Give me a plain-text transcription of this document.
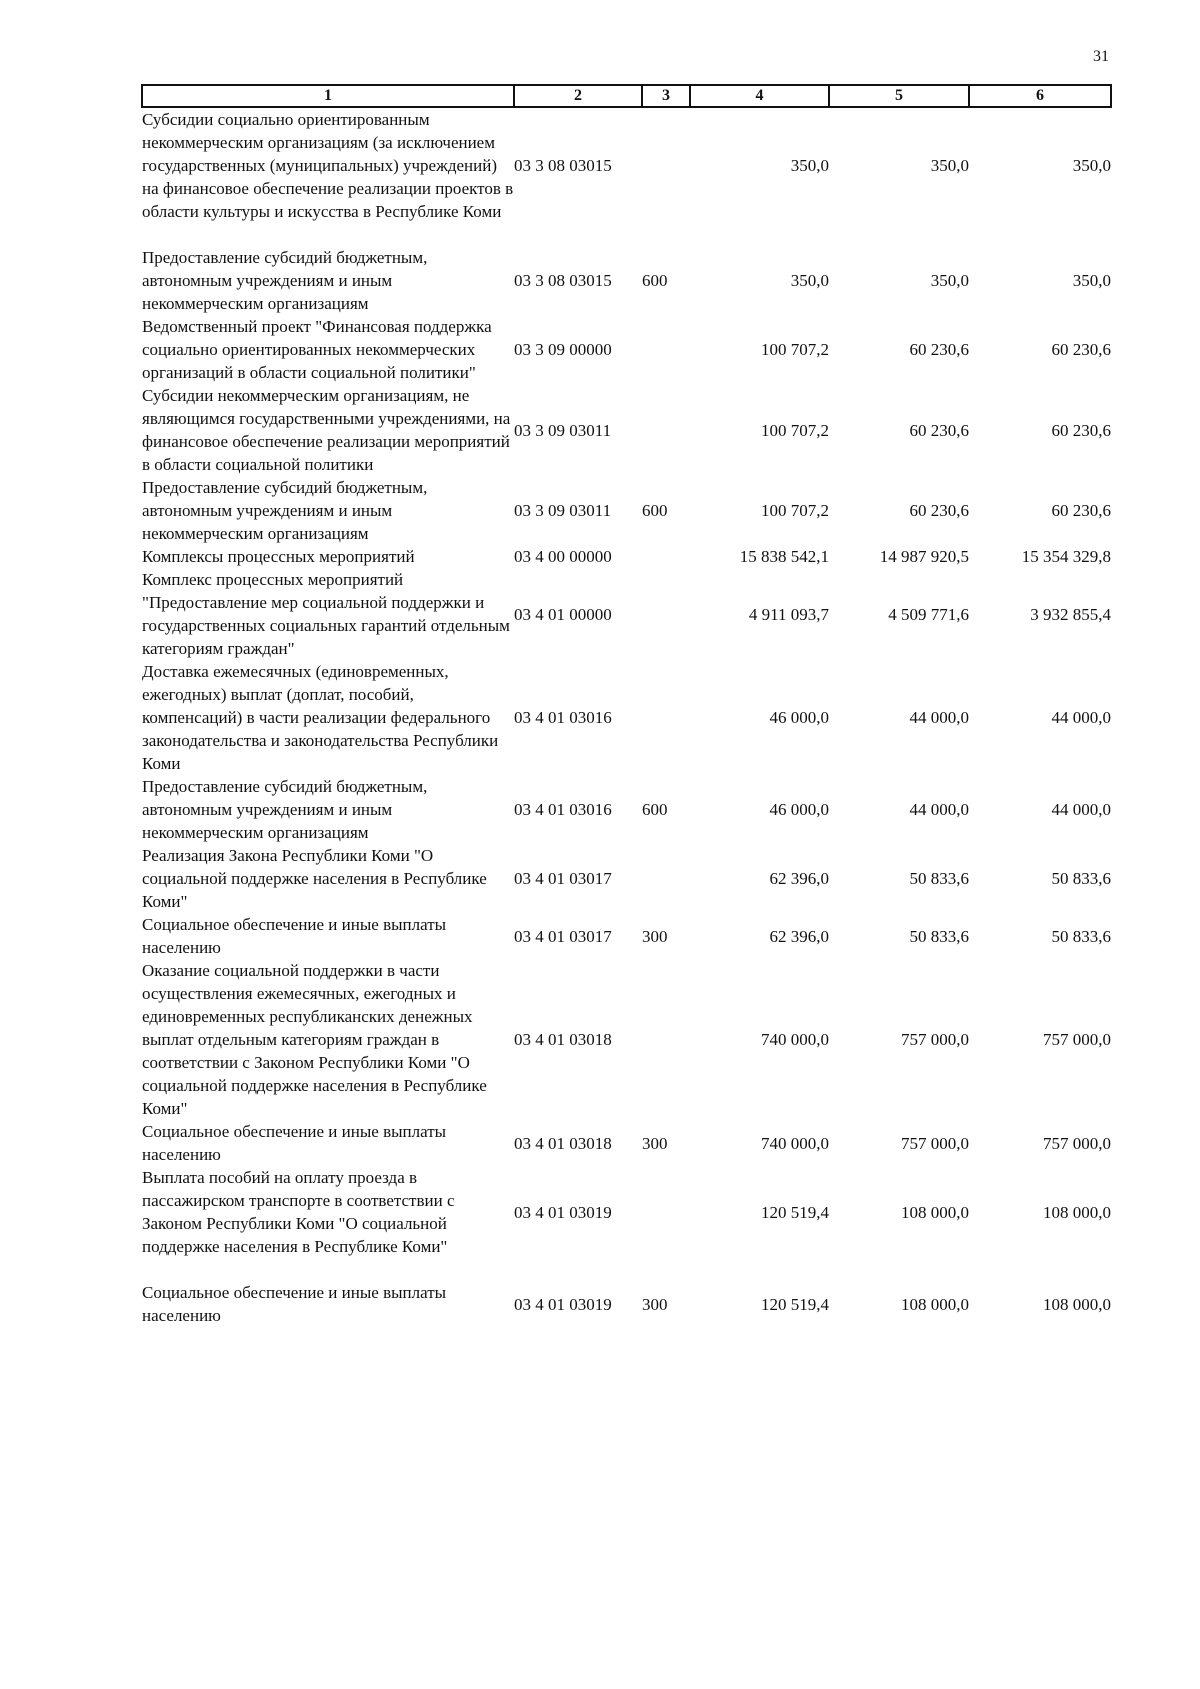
31
1	2	3	4	5	6
Субсидии социально ориентированным некоммерческим организациям (за исключением государственных (муниципальных) учреждений) на финансовое обеспечение реализации проектов в области культуры и искусства в Республике Коми	03 3 08 03015		350,0	350,0	350,0
Предоставление субсидий бюджетным, автономным учреждениям и иным некоммерческим организациям	03 3 08 03015	600	350,0	350,0	350,0
Ведомственный проект "Финансовая поддержка социально ориентированных некоммерческих организаций в области социальной политики"	03 3 09 00000		100 707,2	60 230,6	60 230,6
Субсидии некоммерческим организациям, не являющимся государственными учреждениями, на финансовое обеспечение реализации мероприятий в области социальной политики	03 3 09 03011		100 707,2	60 230,6	60 230,6
Предоставление субсидий бюджетным, автономным учреждениям и иным некоммерческим организациям	03 3 09 03011	600	100 707,2	60 230,6	60 230,6
Комплексы процессных мероприятий	03 4 00 00000		15 838 542,1	14 987 920,5	15 354 329,8
Комплекс процессных мероприятий "Предоставление мер социальной поддержки и государственных социальных гарантий отдельным категориям граждан"	03 4 01 00000		4 911 093,7	4 509 771,6	3 932 855,4
Доставка ежемесячных (единовременных, ежегодных) выплат (доплат, пособий, компенсаций) в части реализации федерального законодательства и законодательства Республики Коми	03 4 01 03016		46 000,0	44 000,0	44 000,0
Предоставление субсидий бюджетным, автономным учреждениям и иным некоммерческим организациям	03 4 01 03016	600	46 000,0	44 000,0	44 000,0
Реализация Закона Республики Коми "О социальной поддержке населения в Республике Коми"	03 4 01 03017		62 396,0	50 833,6	50 833,6
Социальное обеспечение и иные выплаты населению	03 4 01 03017	300	62 396,0	50 833,6	50 833,6
Оказание социальной поддержки в части осуществления ежемесячных, ежегодных и единовременных республиканских денежных выплат отдельным категориям граждан в соответствии с Законом Республики Коми "О социальной поддержке населения в Республике Коми"	03 4 01 03018		740 000,0	757 000,0	757 000,0
Социальное обеспечение и иные выплаты населению	03 4 01 03018	300	740 000,0	757 000,0	757 000,0
Выплата пособий на оплату проезда в пассажирском транспорте в соответствии с Законом Республики Коми "О социальной поддержке населения в Республике Коми"	03 4 01 03019		120 519,4	108 000,0	108 000,0
Социальное обеспечение и иные выплаты населению	03 4 01 03019	300	120 519,4	108 000,0	108 000,0
